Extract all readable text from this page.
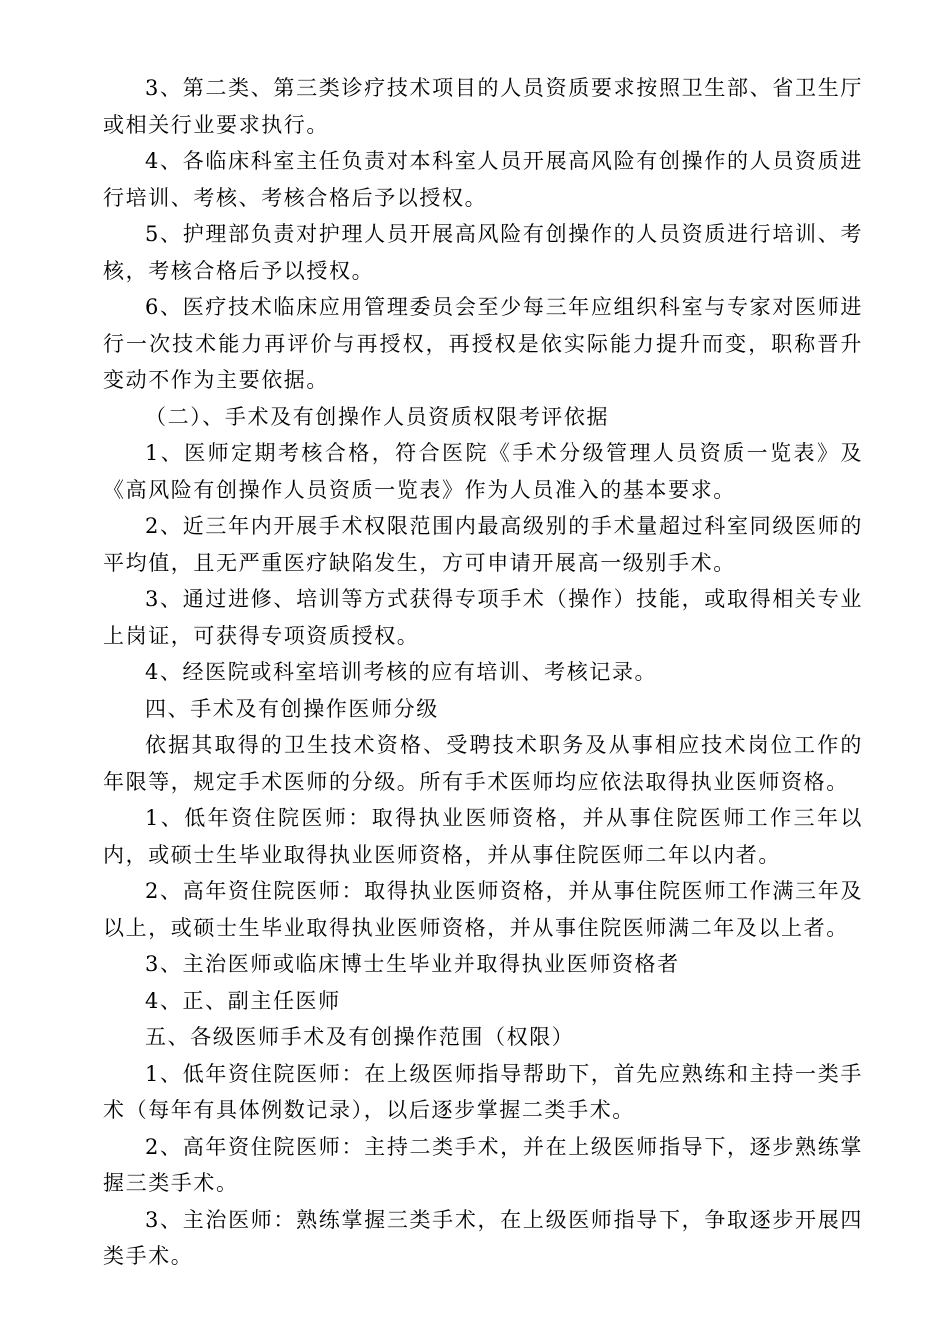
3、第二类、第三类诊疗技术项目的人员资质要求按照卫生部、省卫生厅或相关行业要求执行。

4、各临床科室主任负责对本科室人员开展高风险有创操作的人员资质进行培训、考核、考核合格后予以授权。

5、护理部负责对护理人员开展高风险有创操作的人员资质进行培训、考核，考核合格后予以授权。

6、医疗技术临床应用管理委员会至少每三年应组织科室与专家对医师进行一次技术能力再评价与再授权，再授权是依实际能力提升而变，职称晋升变动不作为主要依据。

（二）、手术及有创操作人员资质权限考评依据

1、医师定期考核合格，符合医院《手术分级管理人员资质一览表》及《高风险有创操作人员资质一览表》作为人员准入的基本要求。

2、近三年内开展手术权限范围内最高级别的手术量超过科室同级医师的平均值，且无严重医疗缺陷发生，方可申请开展高一级别手术。

3、通过进修、培训等方式获得专项手术（操作）技能，或取得相关专业上岗证，可获得专项资质授权。

4、经医院或科室培训考核的应有培训、考核记录。

四、手术及有创操作医师分级

依据其取得的卫生技术资格、受聘技术职务及从事相应技术岗位工作的年限等，规定手术医师的分级。所有手术医师均应依法取得执业医师资格。

1、低年资住院医师：取得执业医师资格，并从事住院医师工作三年以内，或硕士生毕业取得执业医师资格，并从事住院医师二年以内者。

2、高年资住院医师：取得执业医师资格，并从事住院医师工作满三年及以上，或硕士生毕业取得执业医师资格，并从事住院医师满二年及以上者。

3、主治医师或临床博士生毕业并取得执业医师资格者

4、正、副主任医师

五、各级医师手术及有创操作范围（权限）

1、低年资住院医师：在上级医师指导帮助下，首先应熟练和主持一类手术（每年有具体例数记录），以后逐步掌握二类手术。

2、高年资住院医师：主持二类手术，并在上级医师指导下，逐步熟练掌握三类手术。

3、主治医师：熟练掌握三类手术，在上级医师指导下，争取逐步开展四类手术。
